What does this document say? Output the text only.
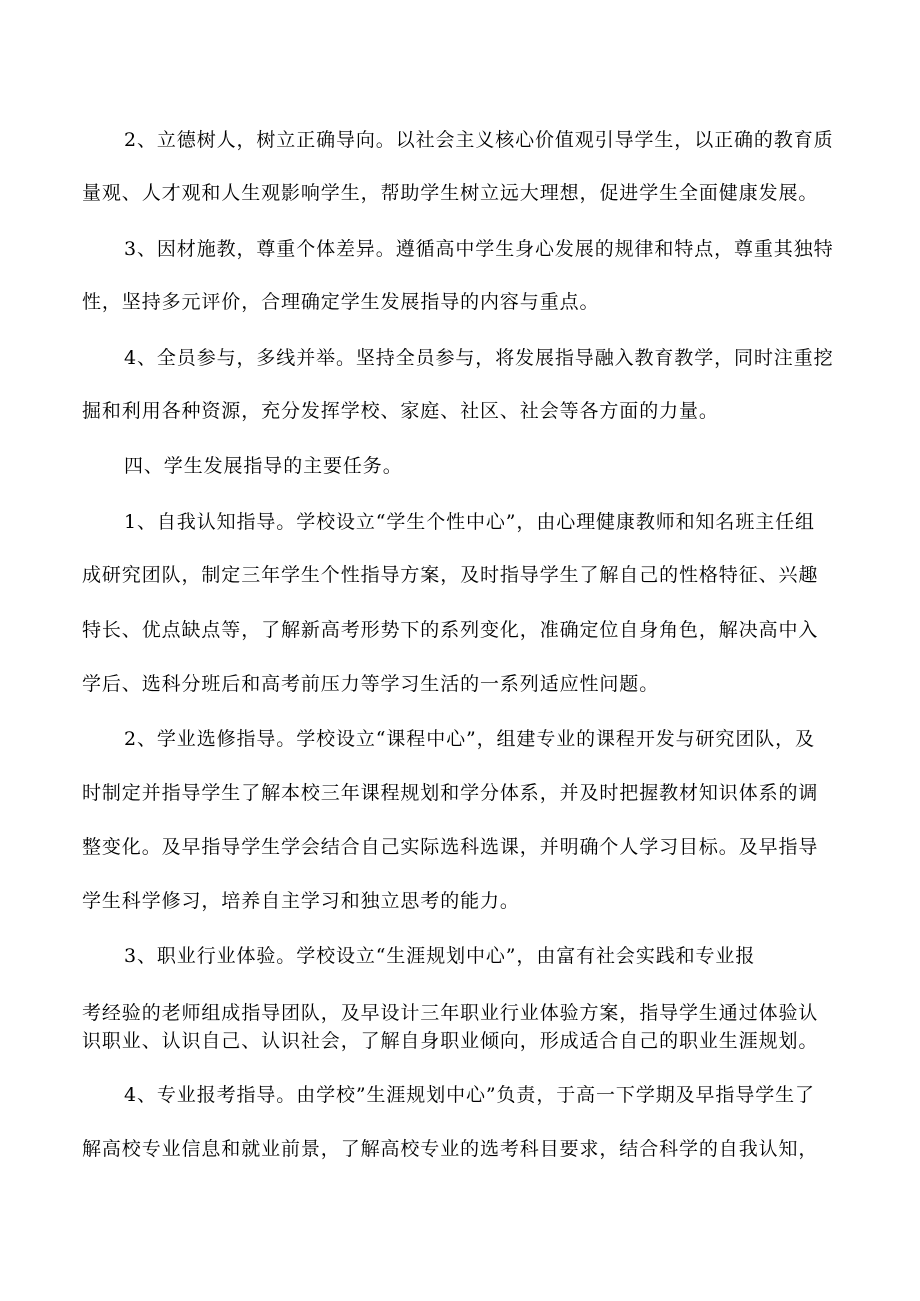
2、立德树人，树立正确导向。以社会主义核心价值观引导学生，以正确的教育质
量观、人才观和人生观影响学生，帮助学生树立远大理想，促进学生全面健康发展。
3、因材施教，尊重个体差异。遵循高中学生身心发展的规律和特点，尊重其独特
性，坚持多元评价，合理确定学生发展指导的内容与重点。
4、全员参与，多线并举。坚持全员参与，将发展指导融入教育教学，同时注重挖
掘和利用各种资源，充分发挥学校、家庭、社区、社会等各方面的力量。
四、学生发展指导的主要任务。
1、自我认知指导。学校设立“学生个性中心”，由心理健康教师和知名班主任组
成研究团队，制定三年学生个性指导方案，及时指导学生了解自己的性格特征、兴趣
特长、优点缺点等，了解新高考形势下的系列变化，准确定位自身角色，解决高中入
学后、选科分班后和高考前压力等学习生活的一系列适应性问题。
2、学业选修指导。学校设立“课程中心”，组建专业的课程开发与研究团队，及
时制定并指导学生了解本校三年课程规划和学分体系，并及时把握教材知识体系的调
整变化。及早指导学生学会结合自己实际选科选课，并明确个人学习目标。及早指导
学生科学修习，培养自主学习和独立思考的能力。
3、职业行业体验。学校设立“生涯规划中心”，由富有社会实践和专业报
考经验的老师组成指导团队，及早设计三年职业行业体验方案，指导学生通过体验认
识职业、认识自己、认识社会，了解自身职业倾向，形成适合自己的职业生涯规划。
4、专业报考指导。由学校”生涯规划中心”负责，于高一下学期及早指导学生了
解高校专业信息和就业前景，了解高校专业的选考科目要求，结合科学的自我认知，
